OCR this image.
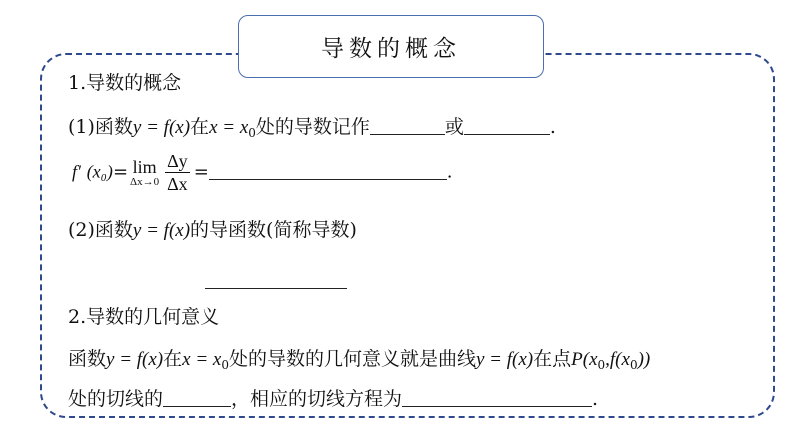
导数的概念
1.导数的概念
(1)函数y = f(x)在$x = x_0$处的导数记作	或	.
f′ (x₀)= lim
$\Delta x\to 0 \frac{\Delta y}{\Delta x}$ =	.
(2)函数y = f(x)的导函数(简称导数)
2.导数的几何意义
函数y = f(x)在$x = x_0$处的导数的几何意义就是曲线y = f(x)在点$P(x_0,f(x_0))$
处的切线的	，相应的切线方程为	.
